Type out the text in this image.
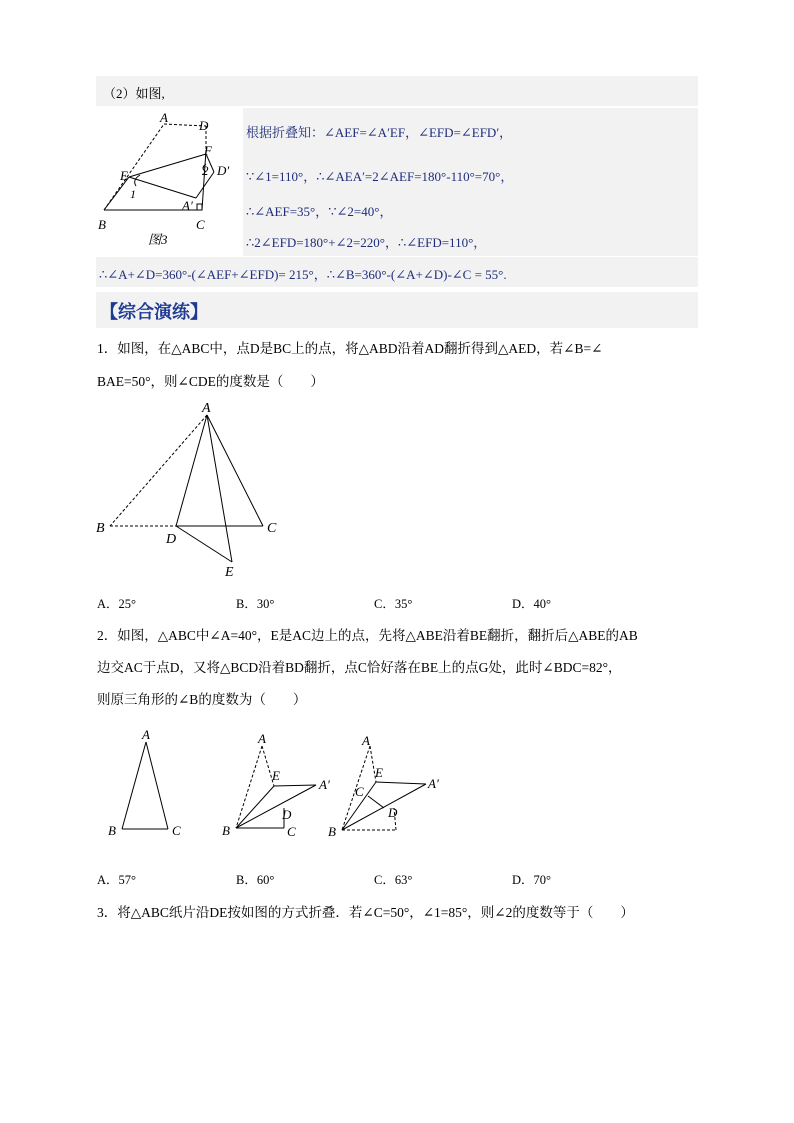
（2）如图,
根据折叠知：∠AEF=∠A′EF，∠EFD=∠EFD′，
∵∠1=110°，∴∠AEA′=2∠AEF=180°-110°=70°，
∴∠AEF=35°，∵∠2=40°，
∴2∠EFD=180°+∠2=220°，∴∠EFD=110°，
∴∠A+∠D=360°-(∠AEF+∠EFD)= 215°，∴∠B=360°-(∠A+∠D)-∠C = 55°.
A
D
F
E	D′
2
1
A′
B	C
图3
【综合演练】
1．如图，在△ABC中，点D是BC上的点，将△ABD沿着AD翻折得到△AED，若∠B=∠
BAE=50°，则∠CDE的度数是（　　）
A
B	C
D
E
A．25°	B．30°	C．35°	D．40°
2．如图，△ABC中∠A=40°，E是AC边上的点，先将△ABE沿着BE翻折，翻折后△ABE的AB
边交AC于点D，又将△BCD沿着BD翻折，点C恰好落在BE上的点G处，此时∠BDC=82°，
则原三角形的∠B的度数为（　　）
A
B	C
A
E
A′
D
B	C
A
E
A′
C
D
B
A．57°	B．60°	C．63°	D．70°
3．将△ABC纸片沿DE按如图的方式折叠．若∠C=50°，∠1=85°，则∠2的度数等于（　　）
